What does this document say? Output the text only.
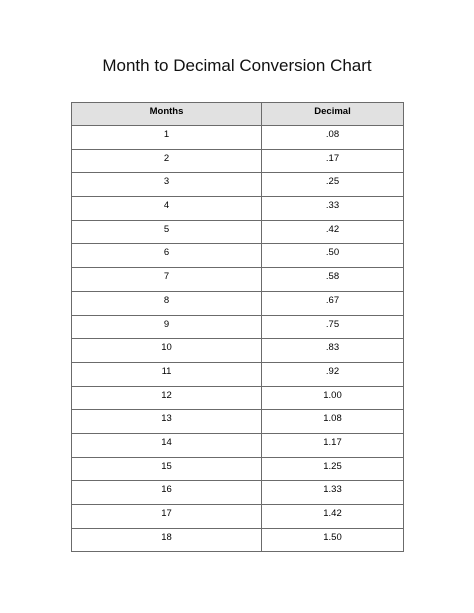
Month to Decimal Conversion Chart
Months	Decimal
1	.08
2	.17
3	.25
4	.33
5	.42
6	.50
7	.58
8	.67
9	.75
10	.83
11	.92
12	1.00
13	1.08
14	1.17
15	1.25
16	1.33
17	1.42
18	1.50
